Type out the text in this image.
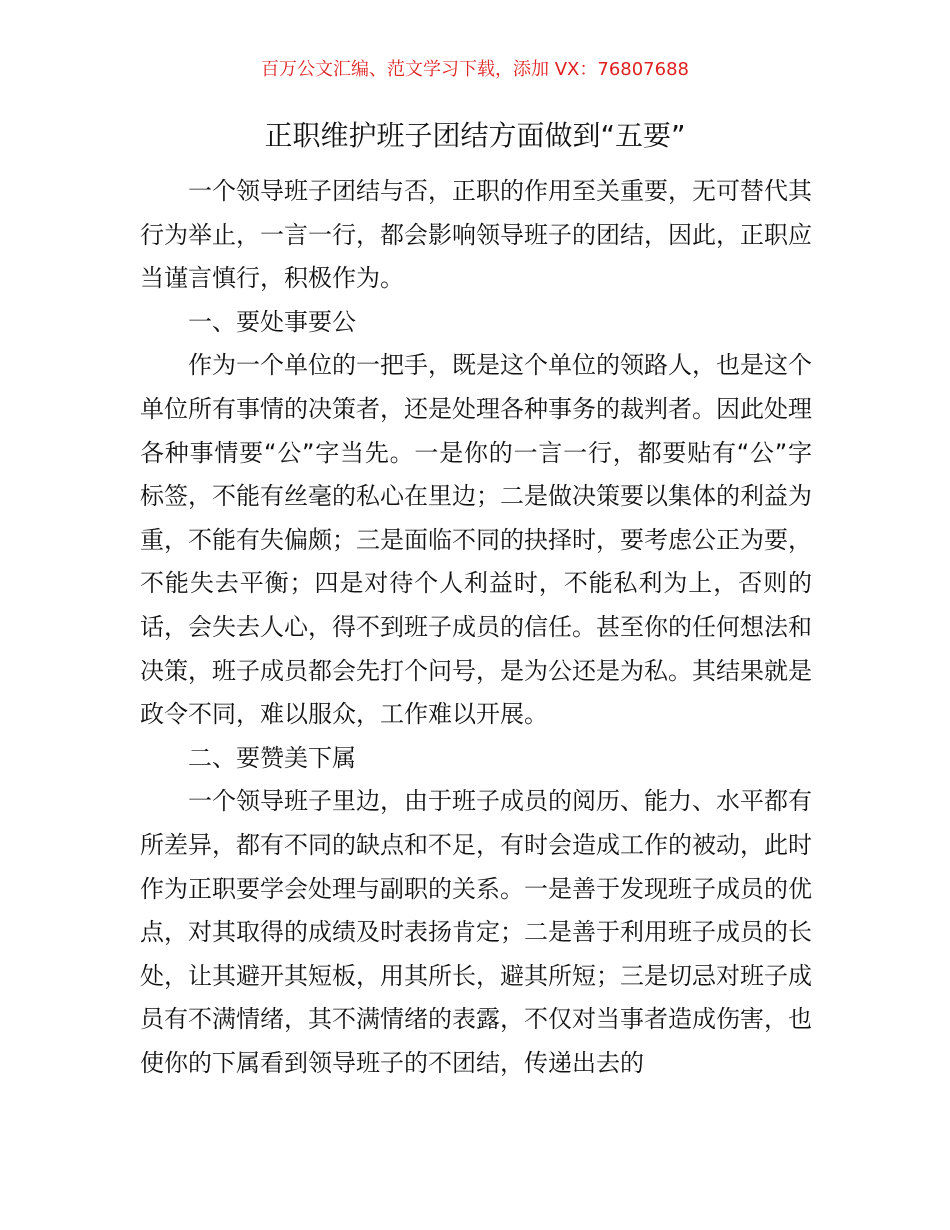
百万公文汇编、范文学习下载，添加 VX：76807688
正职维护班子团结方面做到“五要”

一个领导班子团结与否，正职的作用至关重要，无可替代其行为举止，一言一行，都会影响领导班子的团结，因此，正职应当谨言慎行，积极作为。

一、要处事要公

作为一个单位的一把手，既是这个单位的领路人，也是这个单位所有事情的决策者，还是处理各种事务的裁判者。因此处理各种事情要“公”字当先。一是你的一言一行，都要贴有“公”字标签，不能有丝毫的私心在里边；二是做决策要以集体的利益为重，不能有失偏颇；三是面临不同的抉择时，要考虑公正为要，不能失去平衡；四是对待个人利益时，不能私利为上，否则的话，会失去人心，得不到班子成员的信任。甚至你的任何想法和决策，班子成员都会先打个问号，是为公还是为私。其结果就是政令不同，难以服众，工作难以开展。

二、要赞美下属

一个领导班子里边，由于班子成员的阅历、能力、水平都有所差异，都有不同的缺点和不足，有时会造成工作的被动，此时作为正职要学会处理与副职的关系。一是善于发现班子成员的优点，对其取得的成绩及时表扬肯定；二是善于利用班子成员的长处，让其避开其短板，用其所长，避其所短；三是切忌对班子成员有不满情绪，其不满情绪的表露，不仅对当事者造成伤害，也使你的下属看到领导班子的不团结，传递出去的
